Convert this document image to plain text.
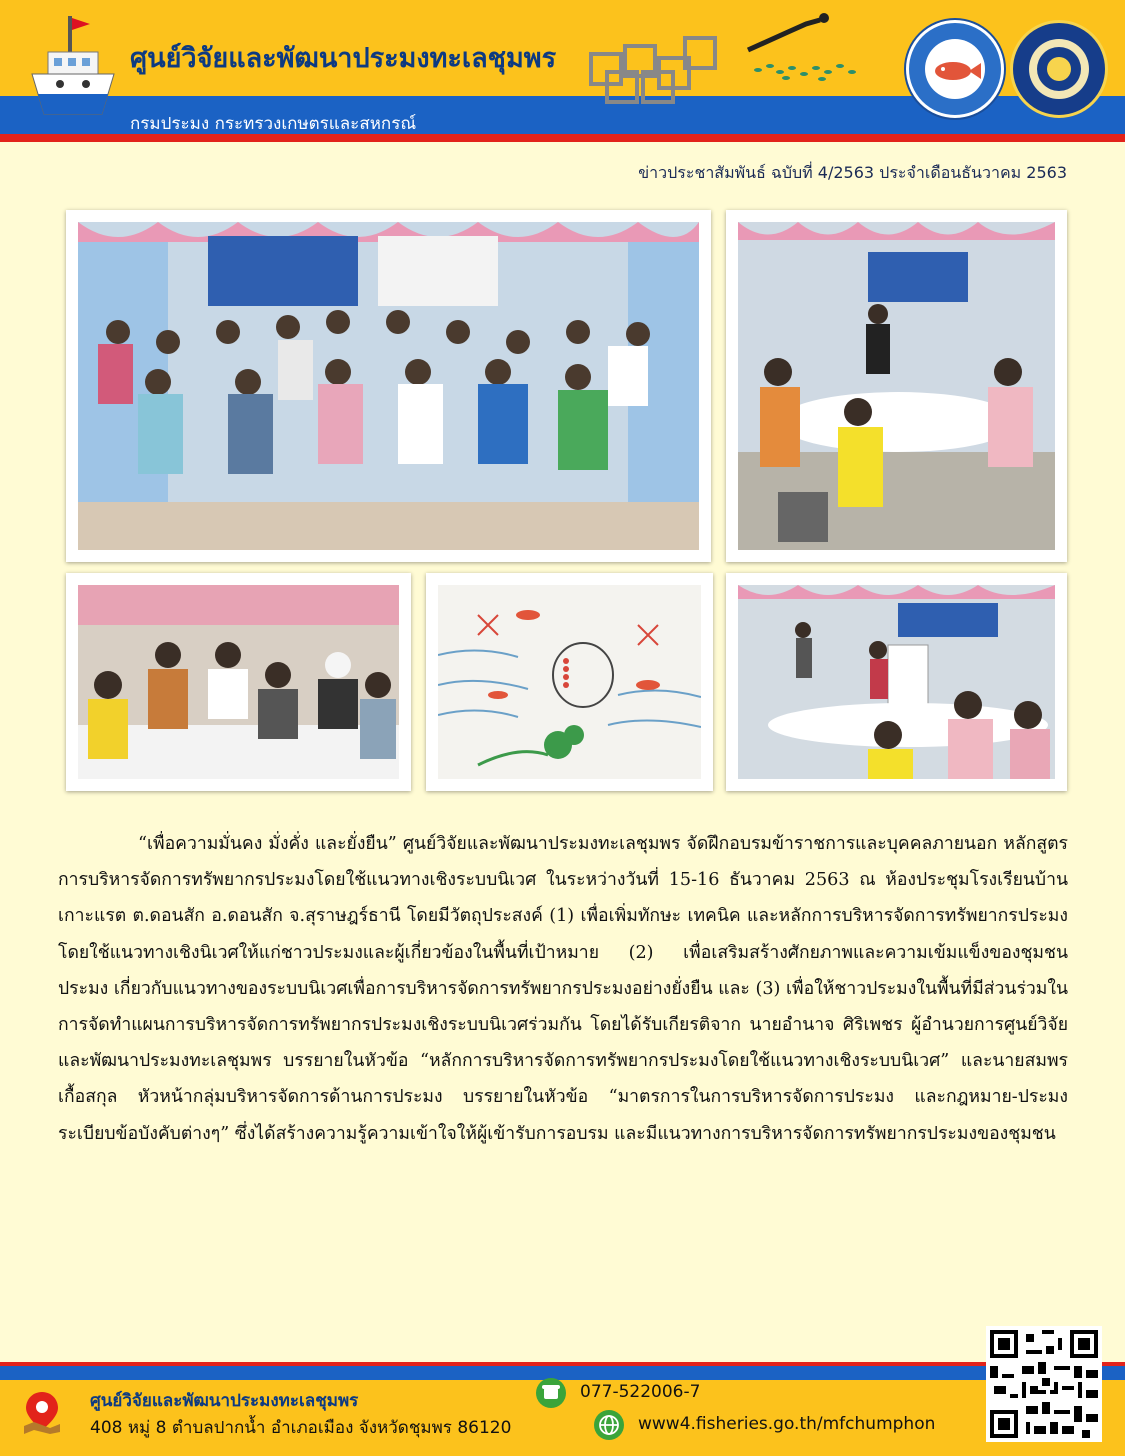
ศูนย์วิจัยและพัฒนาประมงทะเลชุมพร
กรมประมง กระทรวงเกษตรและสหกรณ์
ข่าวประชาสัมพันธ์ ฉบับที่ 4/2563 ประจำเดือนธันวาคม 2563
“เพื่อความมั่นคง มั่งคั่ง และยั่งยืน” ศูนย์วิจัยและพัฒนาประมงทะเลชุมพร จัดฝึกอบรมข้าราชการและบุคคลภายนอก หลักสูตร การบริหารจัดการทรัพยากรประมงโดยใช้แนวทางเชิงระบบนิเวศ ในระหว่างวันที่ 15-16 ธันวาคม 2563 ณ ห้องประชุมโรงเรียนบ้านเกาะแรต ต.ดอนสัก อ.ดอนสัก จ.สุราษฎร์ธานี โดยมีวัตถุประสงค์ (1) เพื่อเพิ่มทักษะ เทคนิค และหลักการบริหารจัดการทรัพยากรประมงโดยใช้แนวทางเชิงนิเวศให้แก่ชาวประมงและผู้เกี่ยวข้องในพื้นที่เป้าหมาย (2) เพื่อเสริมสร้างศักยภาพและความเข้มแข็งของชุมชนประมง เกี่ยวกับแนวทางของระบบนิเวศเพื่อการบริหารจัดการทรัพยากรประมงอย่างยั่งยืน และ (3) เพื่อให้ชาวประมงในพื้นที่มีส่วนร่วมในการจัดทำแผนการบริหารจัดการทรัพยากรประมงเชิงระบบนิเวศร่วมกัน โดยได้รับเกียรติจาก นายอำนาจ ศิริเพชร ผู้อำนวยการศูนย์วิจัยและพัฒนาประมงทะเลชุมพร บรรยายในหัวข้อ “หลักการบริหารจัดการทรัพยากรประมงโดยใช้แนวทางเชิงระบบนิเวศ” และนายสมพร เกื้อสกุล หัวหน้ากลุ่มบริหารจัดการด้านการประมง บรรยายในหัวข้อ “มาตรการในการบริหารจัดการประมง และกฎหมาย-ประมง ระเบียบข้อบังคับต่างๆ” ซึ่งได้สร้างความรู้ความเข้าใจให้ผู้เข้ารับการอบรม และมีแนวทางการบริหารจัดการทรัพยากรประมงของชุมชน
ศูนย์วิจัยและพัฒนาประมงทะเลชุมพร
408 หมู่ 8 ตำบลปากน้ำ อำเภอเมือง จังหวัดชุมพร 86120
077-522006-7
www4.fisheries.go.th/mfchumphon
